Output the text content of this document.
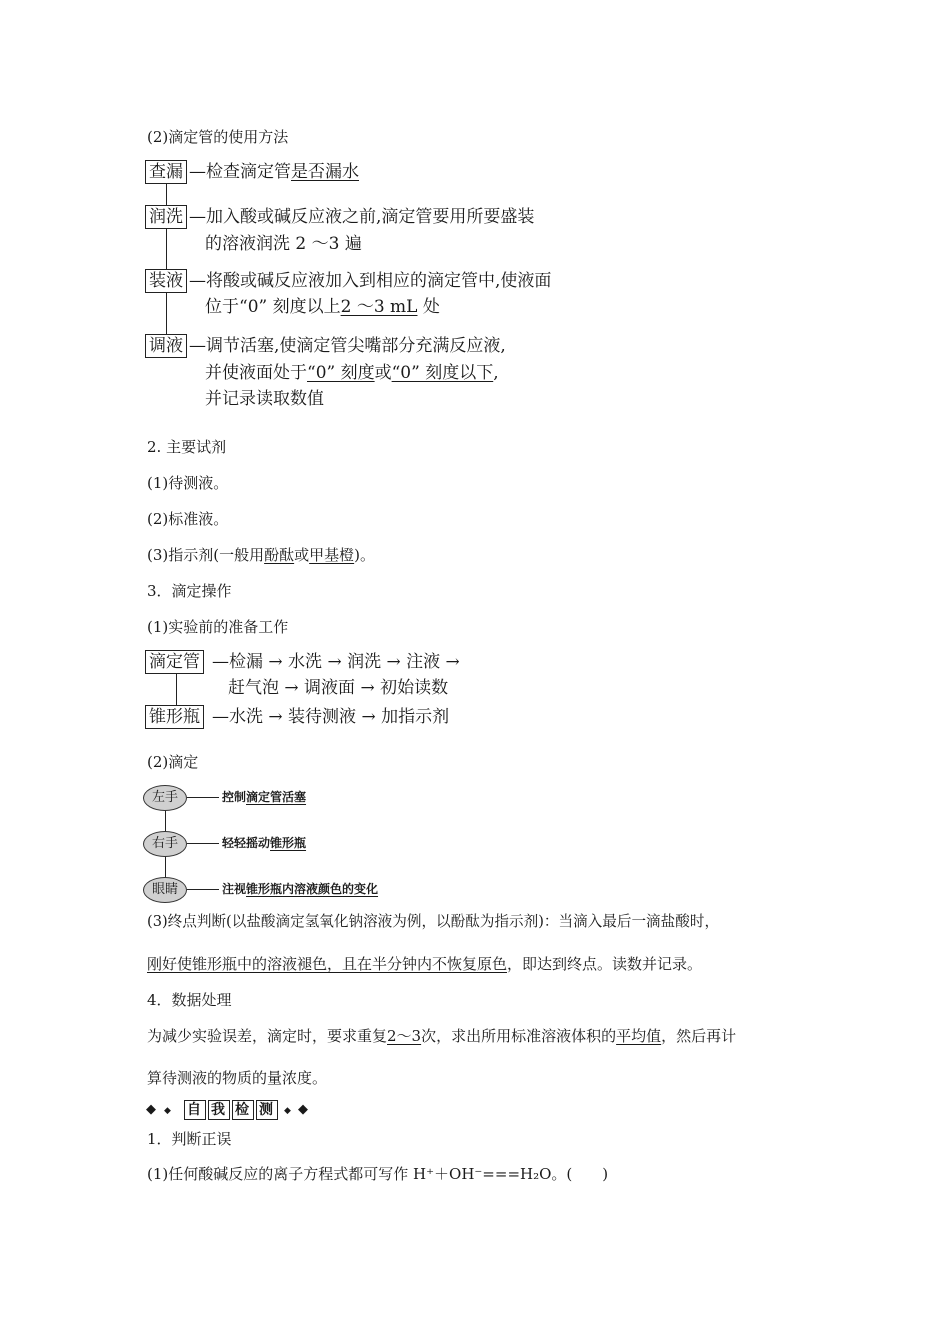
(2)滴定管的使用方法
查漏 —检查滴定管是否漏水
润洗 —加入酸或碱反应液之前,滴定管要用所要盛装
的溶液润洗 2 ～3 遍
装液 —将酸或碱反应液加入到相应的滴定管中,使液面
位于“0” 刻度以上2 ～3 mL 处
调液 —调节活塞,使滴定管尖嘴部分充满反应液,
并使液面处于“0” 刻度或“0” 刻度以下,
并记录读取数值
2. 主要试剂
(1)待测液。
(2)标准液。
(3)指示剂(一般用酚酞或甲基橙)。
3．滴定操作
(1)实验前的准备工作
滴定管 —检漏 → 水洗 → 润洗 → 注液 →
赶气泡 → 调液面 → 初始读数
锥形瓶 —水洗 → 装待测液 → 加指示剂
(2)滴定
左手	控制滴定管活塞
右手	轻轻摇动锥形瓶
眼睛	注视锥形瓶内溶液颜色的变化
(3)终点判断(以盐酸滴定氢氧化钠溶液为例，以酚酞为指示剂)：当滴入最后一滴盐酸时，
刚好使锥形瓶中的溶液褪色，且在半分钟内不恢复原色，即达到终点。读数并记录。
4．数据处理
为减少实验误差，滴定时，要求重复2～3次，求出所用标准溶液体积的平均值，然后再计
算待测液的物质的量浓度。
◆ ◆ 自 我 检 测	◆ ◆
1．判断正误
(1)任何酸碱反应的离子方程式都可写作 H⁺＋OH⁻===H₂O。(　　)
